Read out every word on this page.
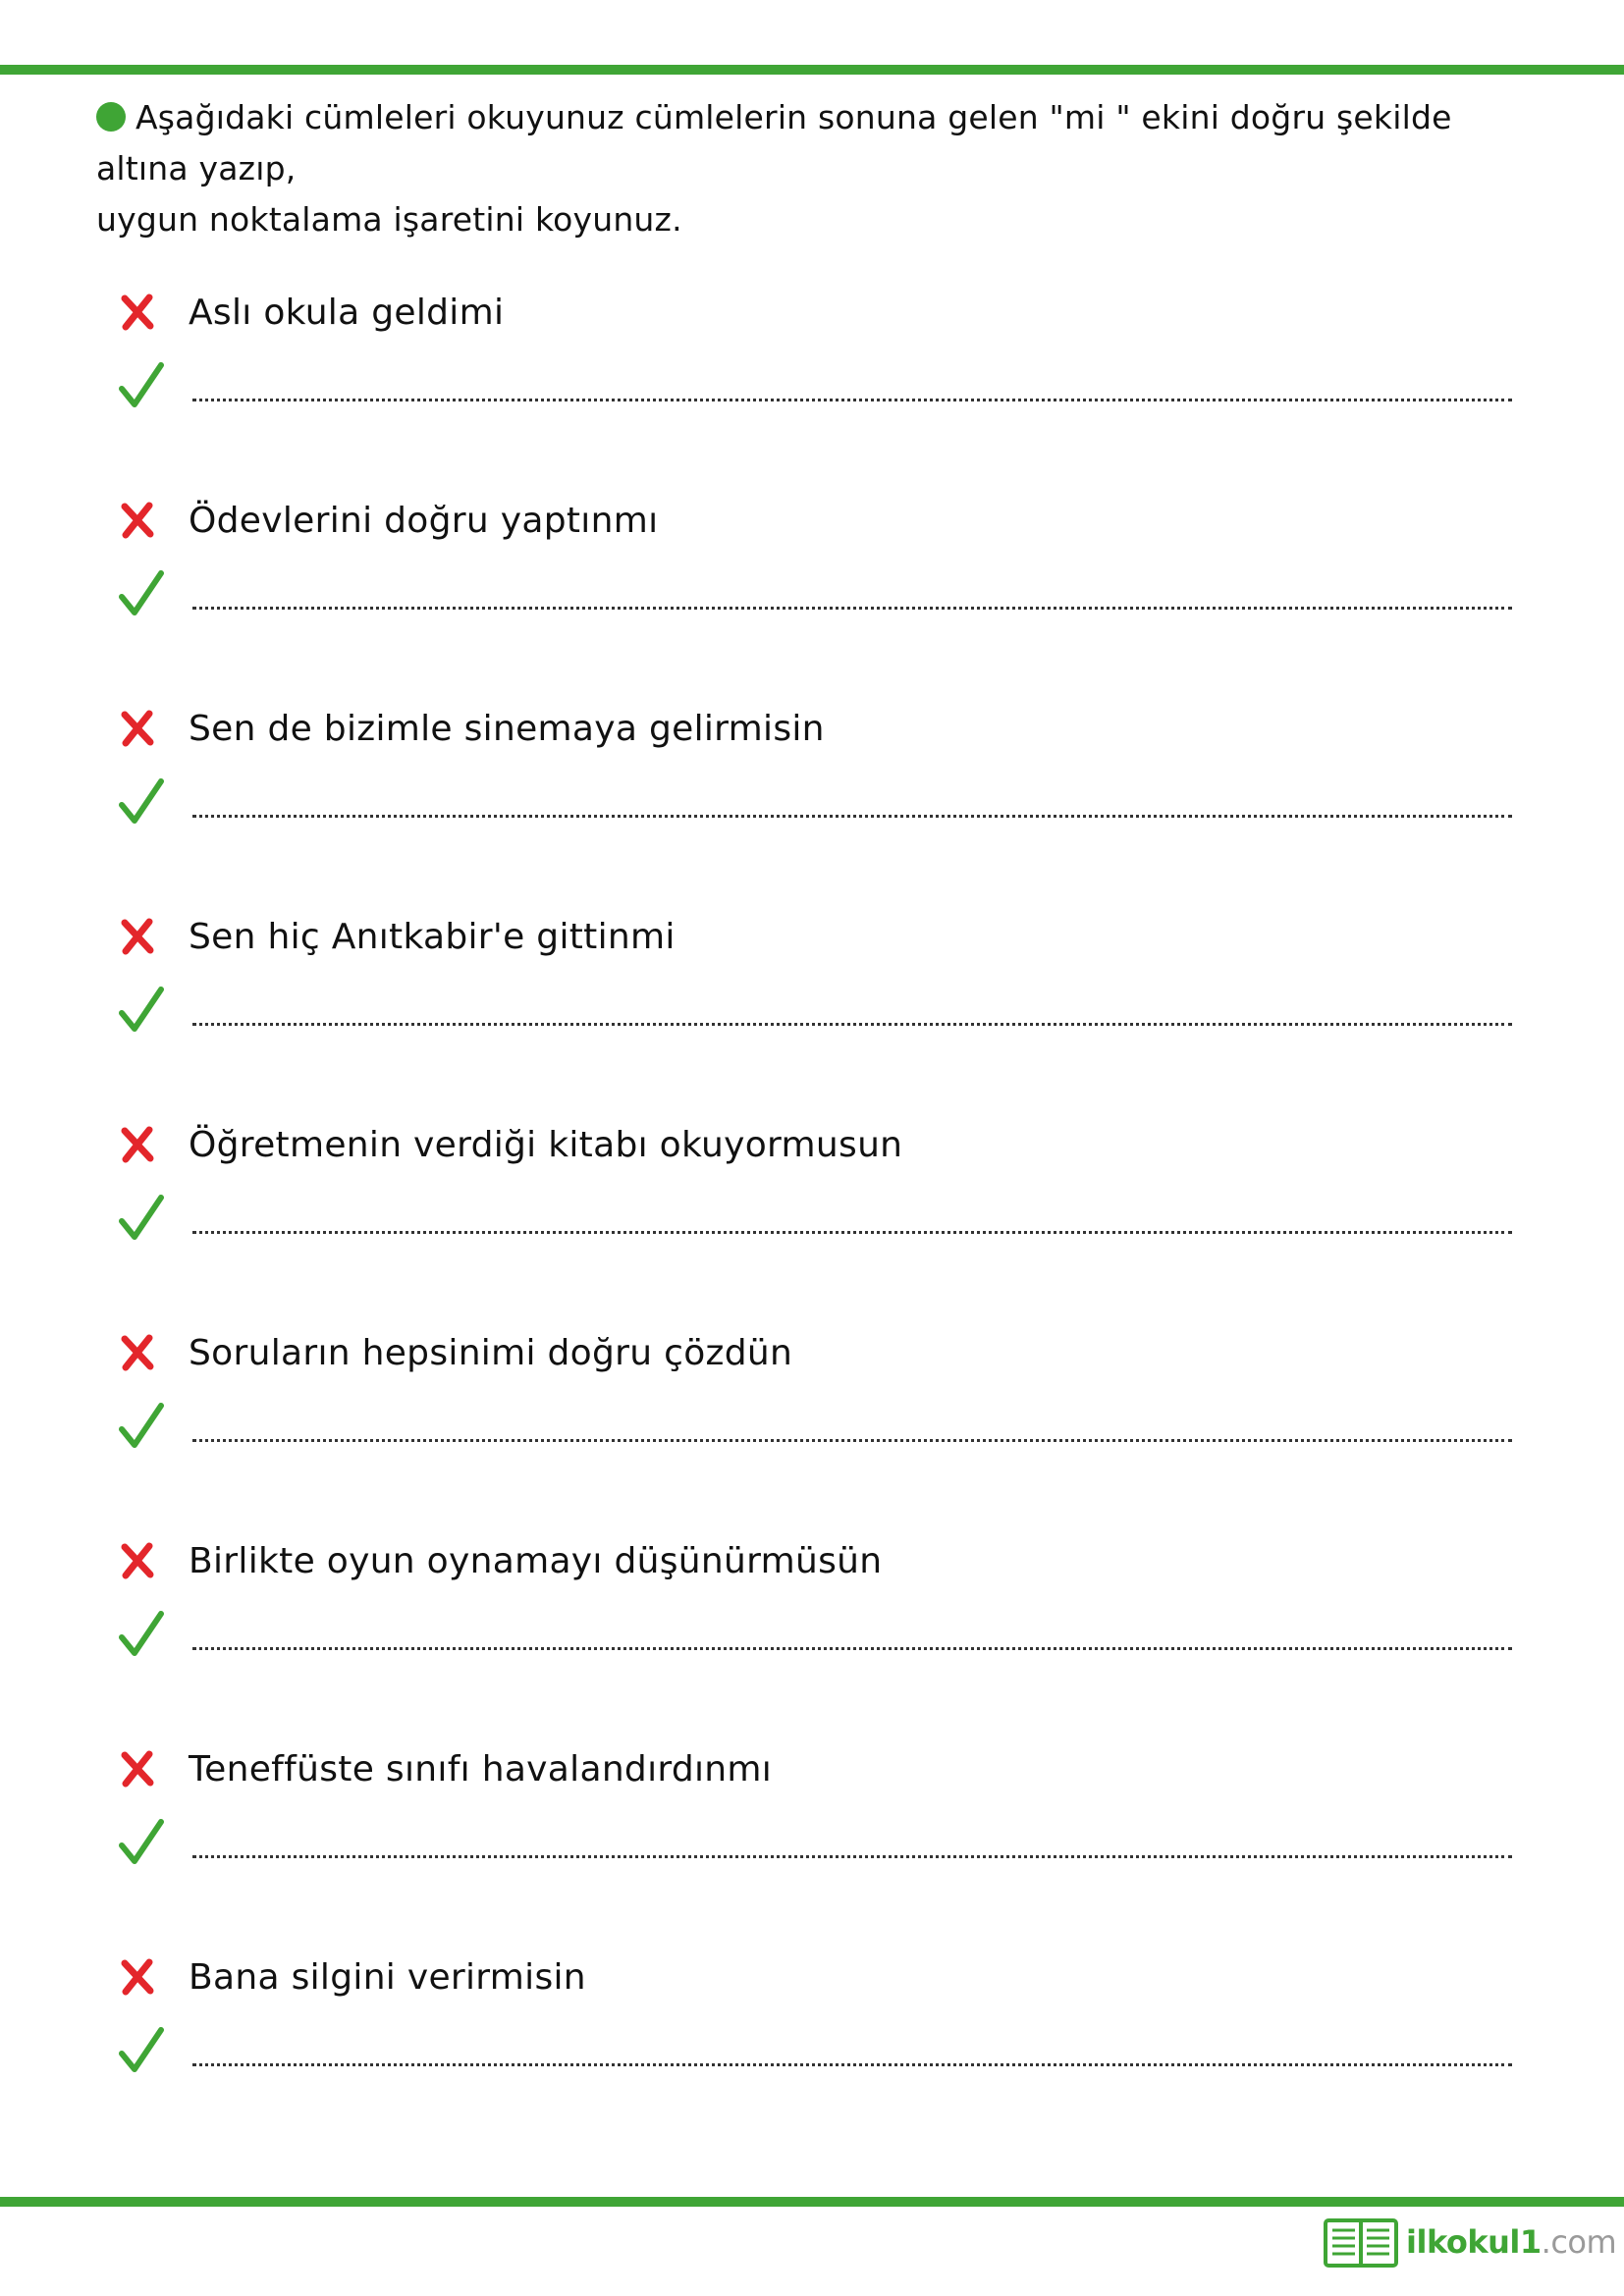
Aşağıdaki cümleleri okuyunuz cümlelerin sonuna gelen "mi " ekini doğru şekilde altına yazıp,
uygun noktalama işaretini koyunuz.
Aslı okula geldimi
Ödevlerini doğru yaptınmı
Sen de bizimle sinemaya gelirmisin
Sen hiç Anıtkabir'e gittinmi
Öğretmenin verdiği kitabı okuyormusun
Soruların hepsinimi doğru çözdün
Birlikte oyun oynamayı düşünürmüsün
Teneffüste sınıfı havalandırdınmı
Bana silgini verirmisin
ilkokul1.com
